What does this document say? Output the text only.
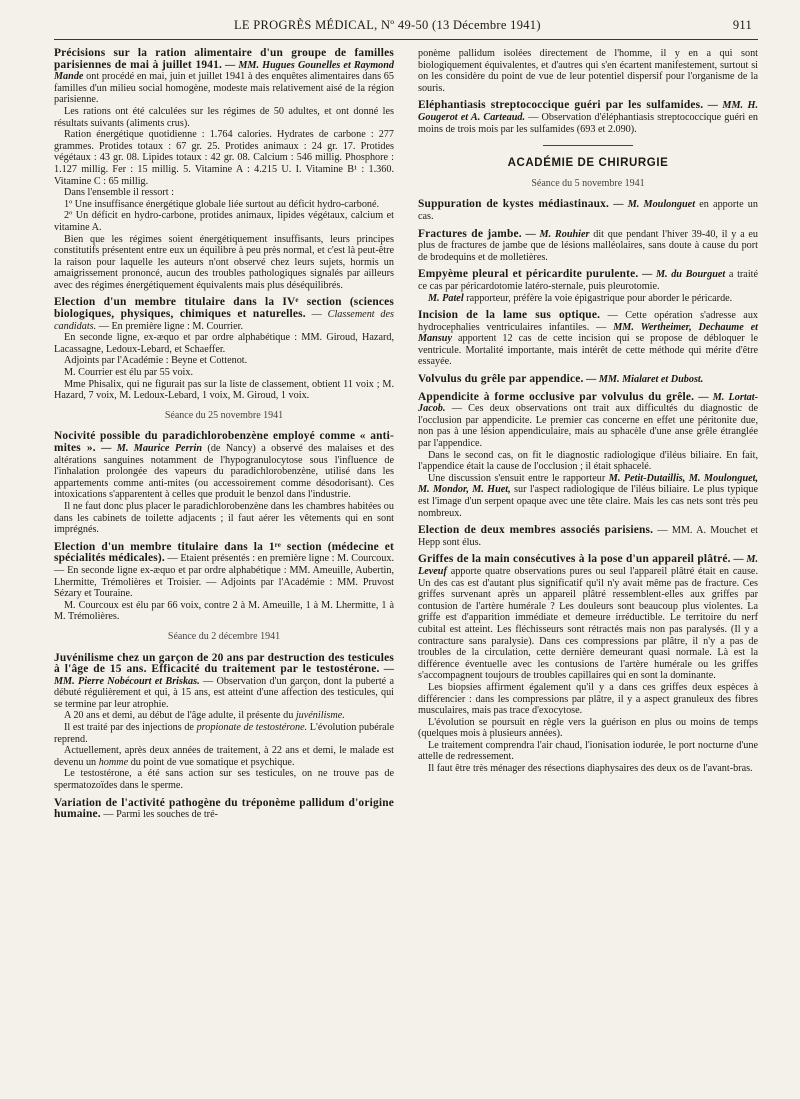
LE PROGRÈS MÉDICAL, Nº 49-50 (13 Décembre 1941)	911

Précisions sur la ration alimentaire d'un groupe de familles parisiennes de mai à juillet 1941. — MM. Hugues Gounelles et Raymond Mande ont procédé en mai, juin et juillet 1941 à des enquêtes alimentaires dans 65 familles d'un milieu social homogène, modeste mais relativement aisé de la région parisienne.

Les rations ont été calculées sur les régimes de 50 adultes, et ont donné les résultats suivants (aliments crus).

Ration énergétique quotidienne : 1.764 calories. Hydrates de carbone : 277 grammes. Protides totaux : 67 gr. 25. Protides animaux : 24 gr. 17. Protides végétaux : 43 gr. 08. Lipides totaux : 42 gr. 08. Calcium : 546 millig. Phosphore : 1.127 millig. Fer : 15 millig. 5. Vitamine A : 4.215 U. I. Vitamine B¹ : 1.360. Vitamine C : 65 millig.

Dans l'ensemble il ressort :

1º Une insuffisance énergétique globale liée surtout au déficit hydro-carboné.

2º Un déficit en hydro-carbone, protides animaux, lipides végétaux, calcium et vitamine A.

Bien que les régimes soient énergétiquement insuffisants, leurs principes constitutifs présentent entre eux un équilibre à peu près normal, et c'est là peut-être la raison pour laquelle les auteurs n'ont observé chez leurs sujets, hormis un amaigrissement prononcé, aucun des troubles pathologiques signalés par ailleurs avec des régimes énergétiquement équivalents mais plus déséquilibrés.

Election d'un membre titulaire dans la IVᵉ section (sciences biologiques, physiques, chimiques et naturelles. — Classement des candidats. — En première ligne : M. Courrier.

En seconde ligne, ex-æquo et par ordre alphabétique : MM. Giroud, Hazard, Lacassagne, Ledoux-Lebard, et Schaeffer.

Adjoints par l'Académie : Beyne et Cottenot.

M. Courrier est élu par 55 voix.

Mme Phisalix, qui ne figurait pas sur la liste de classement, obtient 11 voix ; M. Hazard, 7 voix, M. Ledoux-Lebard, 1 voix, M. Giroud, 1 voix.

Séance du 25 novembre 1941

Nocivité possible du paradichlorobenzène employé comme « anti-mites ». — M. Maurice Perrin (de Nancy) a observé des malaises et des altérations sanguines notamment de l'hypogranulocytose sous l'influence de l'inhalation prolongée des vapeurs du paradichlorobenzène, utilisé dans les appartements comme anti-mites (ou accessoirement comme désodorisant). Ces intoxications s'apparentent à celles que produit le benzol dans l'industrie.

Il ne faut donc plus placer le paradichlorobenzène dans les chambres habitées ou dans les cabinets de toilette adjacents ; il faut aérer les vêtements qui en sont imprégnés.

Election d'un membre titulaire dans la 1ʳᵉ section (médecine et spécialités médicales). — Etaient présentés : en première ligne : M. Courcoux. — En seconde ligne ex-æquo et par ordre alphabétique : MM. Ameuille, Aubertin, Lhermitte, Trémolières et Troisier. — Adjoints par l'Académie : MM. Pruvost Sézary et Touraine.

M. Courcoux est élu par 66 voix, contre 2 à M. Ameuille, 1 à M. Lhermitte, 1 à M. Trémolières.

Séance du 2 décembre 1941

Juvénilisme chez un garçon de 20 ans par destruction des testicules à l'âge de 15 ans. Efficacité du traitement par le testostérone. — MM. Pierre Nobécourt et Briskas. — Observation d'un garçon, dont la puberté a débuté régulièrement et qui, à 15 ans, est atteint d'une affection des testicules, qui se termine par leur atrophie.

A 20 ans et demi, au début de l'âge adulte, il présente du juvénilisme.

Il est traité par des injections de propionate de testostérone. L'évolution pubérale reprend.

Actuellement, après deux années de traitement, à 22 ans et demi, le malade est devenu un homme du point de vue somatique et psychique.

Le testostérone, a été sans action sur ses testicules, on ne trouve pas de spermatozoïdes dans le sperme.

Variation de l'activité pathogène du tréponème pallidum d'origine humaine. — Parmi les souches de tré-

ponème pallidum isolées directement de l'homme, il y en a qui sont biologiquement équivalentes, et d'autres qui s'en écartent manifestement, surtout si on les considère du point de vue de leur potentiel dispersif pour l'organisme de la souris.

Eléphantiasis streptococcique guéri par les sulfamides. — MM. H. Gougerot et A. Carteaud. — Observation d'éléphantiasis streptococcique guéri en moins de trois mois par les sulfamides (693 et 2.090).

ACADÉMIE DE CHIRURGIE
Séance du 5 novembre 1941

Suppuration de kystes médiastinaux. — M. Moulonguet en apporte un cas.

Fractures de jambe. — M. Rouhier dit que pendant l'hiver 39-40, il y a eu plus de fractures de jambe que de lésions malléolaires, sans doute à cause du port de brodequins et de molletières.

Empyème pleural et péricardite purulente. — M. du Bourguet a traité ce cas par péricardotomie latéro-sternale, puis pleurotomie.

M. Patel rapporteur, préfère la voie épigastrique pour aborder le péricarde.

Incision de la lame sus optique. — Cette opération s'adresse aux hydrocephalies ventriculaires infantiles. — MM. Wertheimer, Dechaume et Mansuy apportent 12 cas de cette incision qui se propose de débloquer le ventricule. Mortalité importante, mais intérêt de cette méthode qui mérite d'être essayée.

Volvulus du grêle par appendice. — MM. Mialaret et Dubost.

Appendicite à forme occlusive par volvulus du grêle. — M. Lortat-Jacob. — Ces deux observations ont trait aux difficultés du diagnostic de l'occlusion par appendicite. Le premier cas concerne en effet une péritonite due, non pas à une lésion appendiculaire, mais au sphacèle d'une anse grêle étranglée par l'appendice.

Dans le second cas, on fit le diagnostic radiologique d'iléus biliaire. En fait, l'appendice était la cause de l'occlusion ; il était sphacelé.

Une discussion s'ensuit entre le rapporteur M. Petit-Dutaillis, M. Moulonguet, M. Mondor, M. Huet, sur l'aspect radiologique de l'iléus biliaire. Le plus typique est l'image d'un serpent opaque avec une tête claire. Mais les cas nets sont très peu nombreux.

Election de deux membres associés parisiens. — MM. A. Mouchet et Hepp sont élus.

Griffes de la main consécutives à la pose d'un appareil plâtré. — M. Leveuf apporte quatre observations pures ou seul l'appareil plâtré était en cause. Un des cas est d'autant plus significatif qu'il n'y avait même pas de fracture. Ces griffes survenant après un appareil plâtré ressemblent-elles aux griffes par contusion de l'artère humérale ? Les douleurs sont beaucoup plus violentes. La griffe est d'apparition immédiate et demeure irréductible. Le territoire du nerf cubital est atteint. Les fléchisseurs sont rétractés mais non pas paralysés. (Il y a contracture sans paralysie). Dans ces compressions par plâtre, il n'y a pas de troubles de la circulation, cette dernière demeurant quasi normale. Là est la différence éventuelle avec les contusions de l'artère humérale ou les griffes s'accompagnent toujours de troubles capillaires qui en sont la dominante.

Les biopsies affirment également qu'il y a dans ces griffes deux espèces à différencier : dans les compressions par plâtre, il y a aspect granuleux des fibres musculaires, mais pas trace d'exocytose.

L'évolution se poursuit en règle vers la guérison en plus ou moins de temps (quelques mois à plusieurs années).

Le traitement comprendra l'air chaud, l'ionisation iodurée, le port nocturne d'une attelle de redressement.

Il faut être très ménager des résections diaphysaires des deux os de l'avant-bras.
